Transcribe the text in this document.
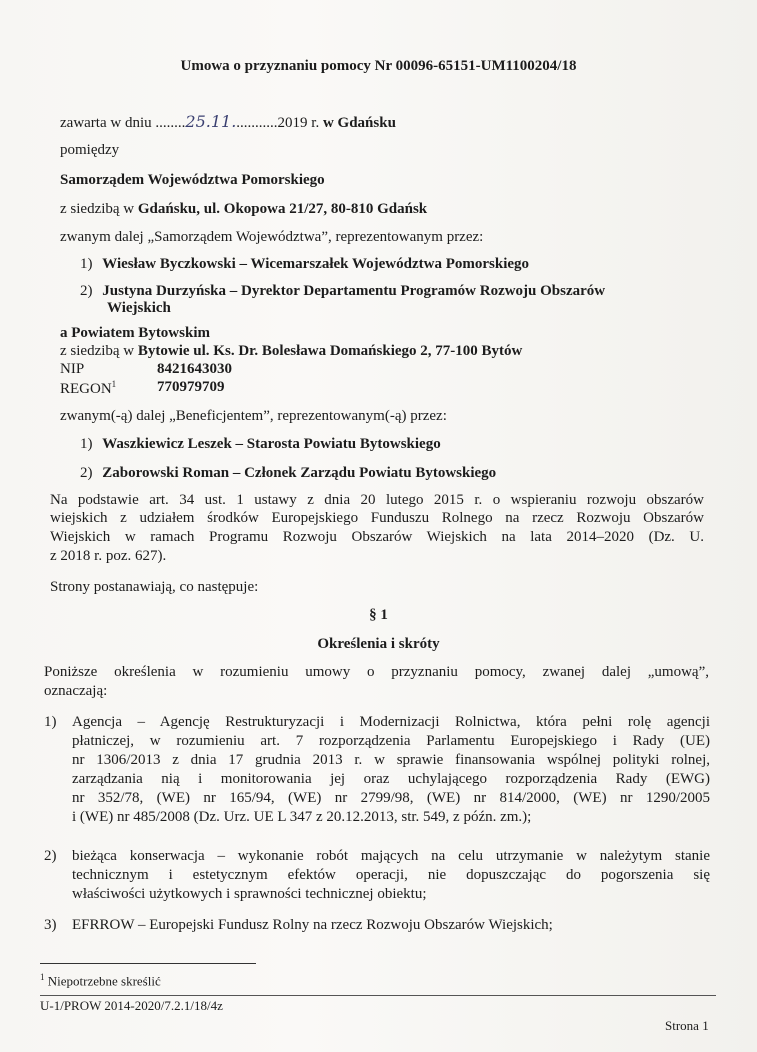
Umowa o przyznaniu pomocy Nr 00096-65151-UM1100204/18
zawarta w dniu ........25.11............2019 r. w Gdańsku
pomiędzy
Samorządem Województwa Pomorskiego
z siedzibą w Gdańsku, ul. Okopowa 21/27, 80-810 Gdańsk
zwanym dalej „Samorządem Województwa”, reprezentowanym przez:
1) Wiesław Byczkowski – Wicemarszałek Województwa Pomorskiego
2) Justyna Durzyńska – Dyrektor Departamentu Programów Rozwoju Obszarów
Wiejskich
a Powiatem Bytowskim
z siedzibą w Bytowie ul. Ks. Dr. Bolesława Domańskiego 2, 77-100 Bytów
NIP	8421643030
REGON$^1$	770979709
zwanym(-ą) dalej „Beneficjentem”, reprezentowanym(-ą) przez:
1) Waszkiewicz Leszek – Starosta Powiatu Bytowskiego
2) Zaborowski Roman – Członek Zarządu Powiatu Bytowskiego
Na podstawie art. 34 ust. 1 ustawy z dnia 20 lutego 2015 r. o wspieraniu rozwoju obszarów
wiejskich z udziałem środków Europejskiego Funduszu Rolnego na rzecz Rozwoju Obszarów
Wiejskich w ramach Programu Rozwoju Obszarów Wiejskich na lata 2014–2020 (Dz. U.
z 2018 r. poz. 627).
Strony postanawiają, co następuje:
§ 1
Określenia i skróty
Poniższe określenia w rozumieniu umowy o przyznaniu pomocy, zwanej dalej „umową”,
oznaczają:
1) Agencja – Agencję Restrukturyzacji i Modernizacji Rolnictwa, która pełni rolę agencji
płatniczej, w rozumieniu art. 7 rozporządzenia Parlamentu Europejskiego i Rady (UE)
nr 1306/2013 z dnia 17 grudnia 2013 r. w sprawie finansowania wspólnej polityki rolnej,
zarządzania nią i monitorowania jej oraz uchylającego rozporządzenia Rady (EWG)
nr 352/78, (WE) nr 165/94, (WE) nr 2799/98, (WE) nr 814/2000, (WE) nr 1290/2005
i (WE) nr 485/2008 (Dz. Urz. UE L 347 z 20.12.2013, str. 549, z późn. zm.);
2) bieżąca konserwacja – wykonanie robót mających na celu utrzymanie w należytym stanie
technicznym i estetycznym efektów operacji, nie dopuszczając do pogorszenia się
właściwości użytkowych i sprawności technicznej obiektu;
3) EFRROW – Europejski Fundusz Rolny na rzecz Rozwoju Obszarów Wiejskich;
$^1$ Niepotrzebne skreślić
U-1/PROW 2014-2020/7.2.1/18/4z
Strona 1
